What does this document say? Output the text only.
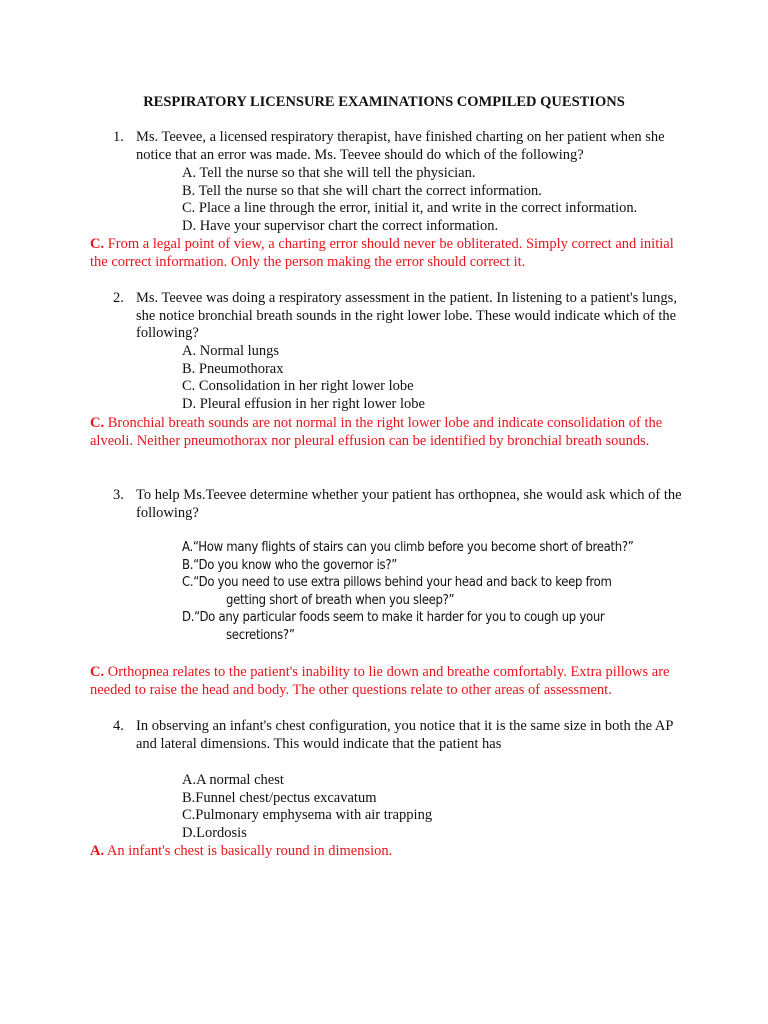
RESPIRATORY LICENSURE EXAMINATIONS COMPILED QUESTIONS
1. Ms. Teevee, a licensed respiratory therapist, have finished charting on her patient when she notice that an error was made. Ms. Teevee should do which of the following?
A. Tell the nurse so that she will tell the physician.
B. Tell the nurse so that she will chart the correct information.
C. Place a line through the error, initial it, and write in the correct information.
D. Have your supervisor chart the correct information.
C. From a legal point of view, a charting error should never be obliterated. Simply correct and initial the correct information. Only the person making the error should correct it.
2. Ms. Teevee was doing a respiratory assessment in the patient. In listening to a patient's lungs, she notice bronchial breath sounds in the right lower lobe. These would indicate which of the following?
A. Normal lungs
B. Pneumothorax
C. Consolidation in her right lower lobe
D. Pleural effusion in her right lower lobe
C. Bronchial breath sounds are not normal in the right lower lobe and indicate consolidation of the alveoli. Neither pneumothorax nor pleural effusion can be identified by bronchial breath sounds.
3. To help Ms.Teevee determine whether your patient has orthopnea, she would ask which of the following?
A.“How many flights of stairs can you climb before you become short of breath?”
B.“Do you know who the governor is?”
C.“Do you need to use extra pillows behind your head and back to keep from
getting short of breath when you sleep?”
D.“Do any particular foods seem to make it harder for you to cough up your
secretions?”
C. Orthopnea relates to the patient's inability to lie down and breathe comfortably. Extra pillows are needed to raise the head and body. The other questions relate to other areas of assessment.
4. In observing an infant's chest configuration, you notice that it is the same size in both the AP and lateral dimensions. This would indicate that the patient has
A.A normal chest
B.Funnel chest/pectus excavatum
C.Pulmonary emphysema with air trapping
D.Lordosis
A. An infant's chest is basically round in dimension.
